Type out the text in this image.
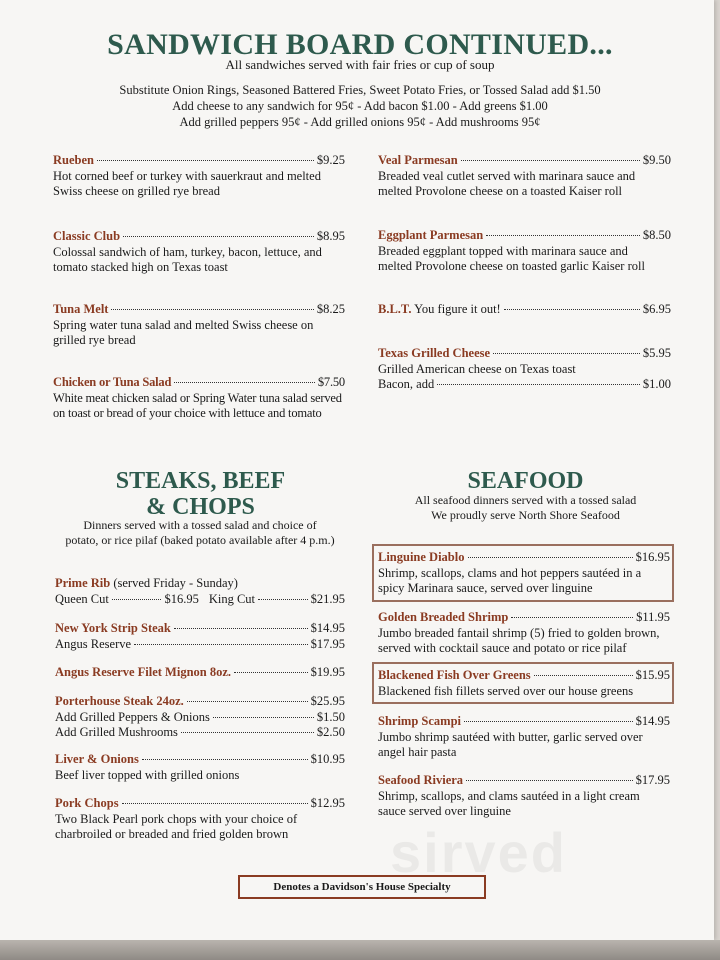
SANDWICH BOARD CONTINUED...
All sandwiches served with fair fries or cup of soup
Substitute Onion Rings, Seasoned Battered Fries, Sweet Potato Fries, or Tossed Salad add $1.50
Add cheese to any sandwich for 95¢ - Add bacon $1.00 - Add greens $1.00
Add grilled peppers 95¢ - Add grilled onions 95¢ - Add mushrooms 95¢
Rueben	$9.25
Hot corned beef or turkey with sauerkraut and melted
Swiss cheese on grilled rye bread
Classic Club	$8.95
Colossal sandwich of ham, turkey, bacon, lettuce, and
tomato stacked high on Texas toast
Tuna Melt	$8.25
Spring water tuna salad and melted Swiss cheese on
grilled rye bread
Chicken or Tuna Salad	$7.50
White meat chicken salad or Spring Water tuna salad served
on toast or bread of your choice with lettuce and tomato
Veal Parmesan	$9.50
Breaded veal cutlet served with marinara sauce and
melted Provolone cheese on a toasted Kaiser roll
Eggplant Parmesan	$8.50
Breaded eggplant topped with marinara sauce and
melted Provolone cheese on toasted garlic Kaiser roll
B.L.T. You figure it out!	$6.95
Texas Grilled Cheese	$5.95
Grilled American cheese on Texas toast
Bacon, add	$1.00
STEAKS, BEEF
& CHOPS
Dinners served with a tossed salad and choice of
potato, or rice pilaf (baked potato available after 4 p.m.)
Prime Rib (served Friday - Sunday)
Queen Cut	$16.95 King Cut	$21.95
New York Strip Steak	$14.95
Angus Reserve	$17.95
Angus Reserve Filet Mignon 8oz.	$19.95
Porterhouse Steak 24oz.	$25.95
Add Grilled Peppers & Onions	$1.50
Add Grilled Mushrooms	$2.50
Liver & Onions	$10.95
Beef liver topped with grilled onions
Pork Chops	$12.95
Two Black Pearl pork chops with your choice of
charbroiled or breaded and fried golden brown
SEAFOOD
All seafood dinners served with a tossed salad
We proudly serve North Shore Seafood
Linguine Diablo	$16.95
Shrimp, scallops, clams and hot peppers sautéed in a
spicy Marinara sauce, served over linguine
Golden Breaded Shrimp	$11.95
Jumbo breaded fantail shrimp (5) fried to golden brown,
served with cocktail sauce and potato or rice pilaf
Blackened Fish Over Greens	$15.95
Blackened fish fillets served over our house greens
Shrimp Scampi	$14.95
Jumbo shrimp sautéed with butter, garlic served over
angel hair pasta
Seafood Riviera	$17.95
Shrimp, scallops, and clams sautéed in a light cream
sauce served over linguine
sirved
Denotes a Davidson's House Specialty
